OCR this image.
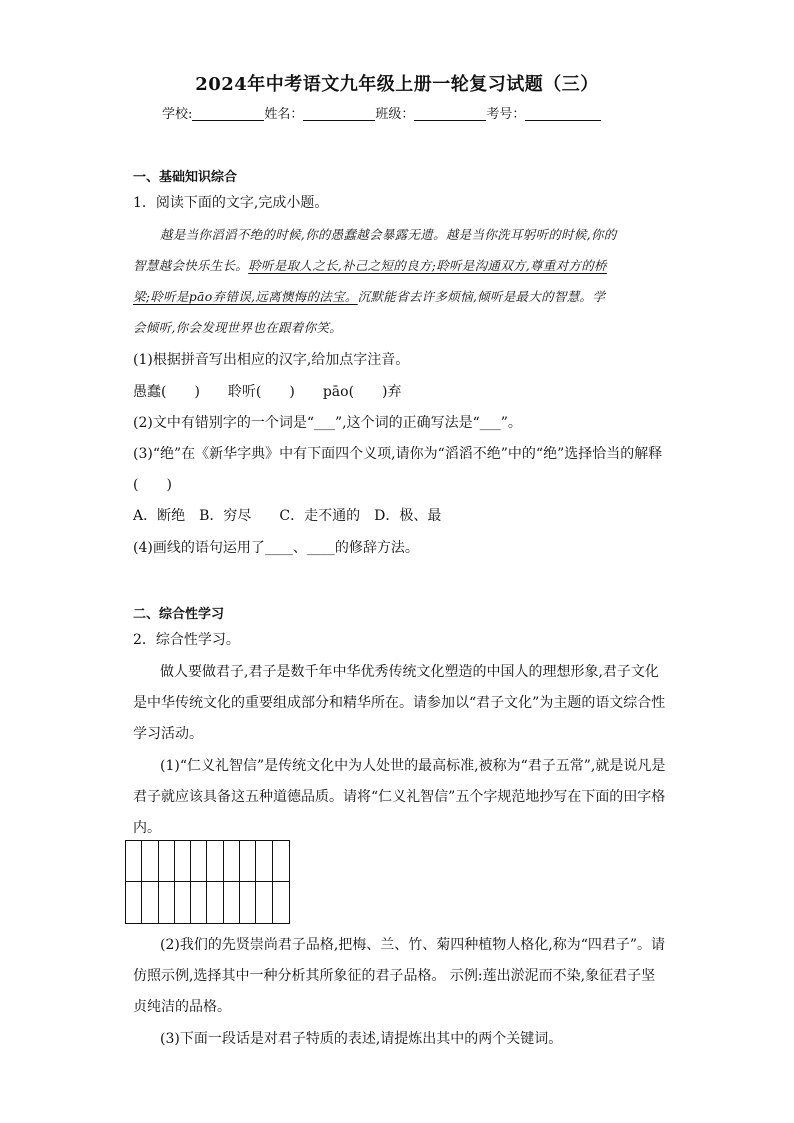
2024年中考语文九年级上册一轮复习试题（三）
学校:	姓名：	班级：	考号：
一、基础知识综合
1．阅读下面的文字,完成小题。
越是当你滔滔不绝的时候,你的愚蠢越会暴露无遗。越是当你洗耳躬听的时候,你的
智慧越会快乐生长。聆听是取人之长,补己之短的良方;聆听是沟通双方,尊重对方的桥
梁;聆听是pāo弃错误,远离懊悔的法宝。沉默能省去许多烦恼,倾听是最大的智慧。学
会倾听,你会发现世界也在跟着你笑。
(1)根据拼音写出相应的汉字,给加点字注音。
愚蠢(　　)　　聆听(　　)　　pāo(　　)弃
(2)文中有错别字的一个词是“___”,这个词的正确写法是“___”。
(3)“绝”在《新华字典》中有下面四个义项,请你为“滔滔不绝”中的“绝”选择恰当的解释
(　　)
A．断绝　B．穷尽　　C．走不通的　D．极、最
(4)画线的语句运用了____、____的修辞方法。
二、综合性学习
2．综合性学习。
做人要做君子,君子是数千年中华优秀传统文化塑造的中国人的理想形象,君子文化
是中华传统文化的重要组成部分和精华所在。请参加以“君子文化”为主题的语文综合性
学习活动。
(1)“仁义礼智信”是传统文化中为人处世的最高标准,被称为“君子五常”,就是说凡是
君子就应该具备这五种道德品质。请将“仁义礼智信”五个字规范地抄写在下面的田字格
内。
(2)我们的先贤崇尚君子品格,把梅、兰、竹、菊四种植物人格化,称为“四君子”。请
仿照示例,选择其中一种分析其所象征的君子品格。 示例:莲出淤泥而不染,象征君子坚
贞纯洁的品格。
(3)下面一段话是对君子特质的表述,请提炼出其中的两个关键词。
